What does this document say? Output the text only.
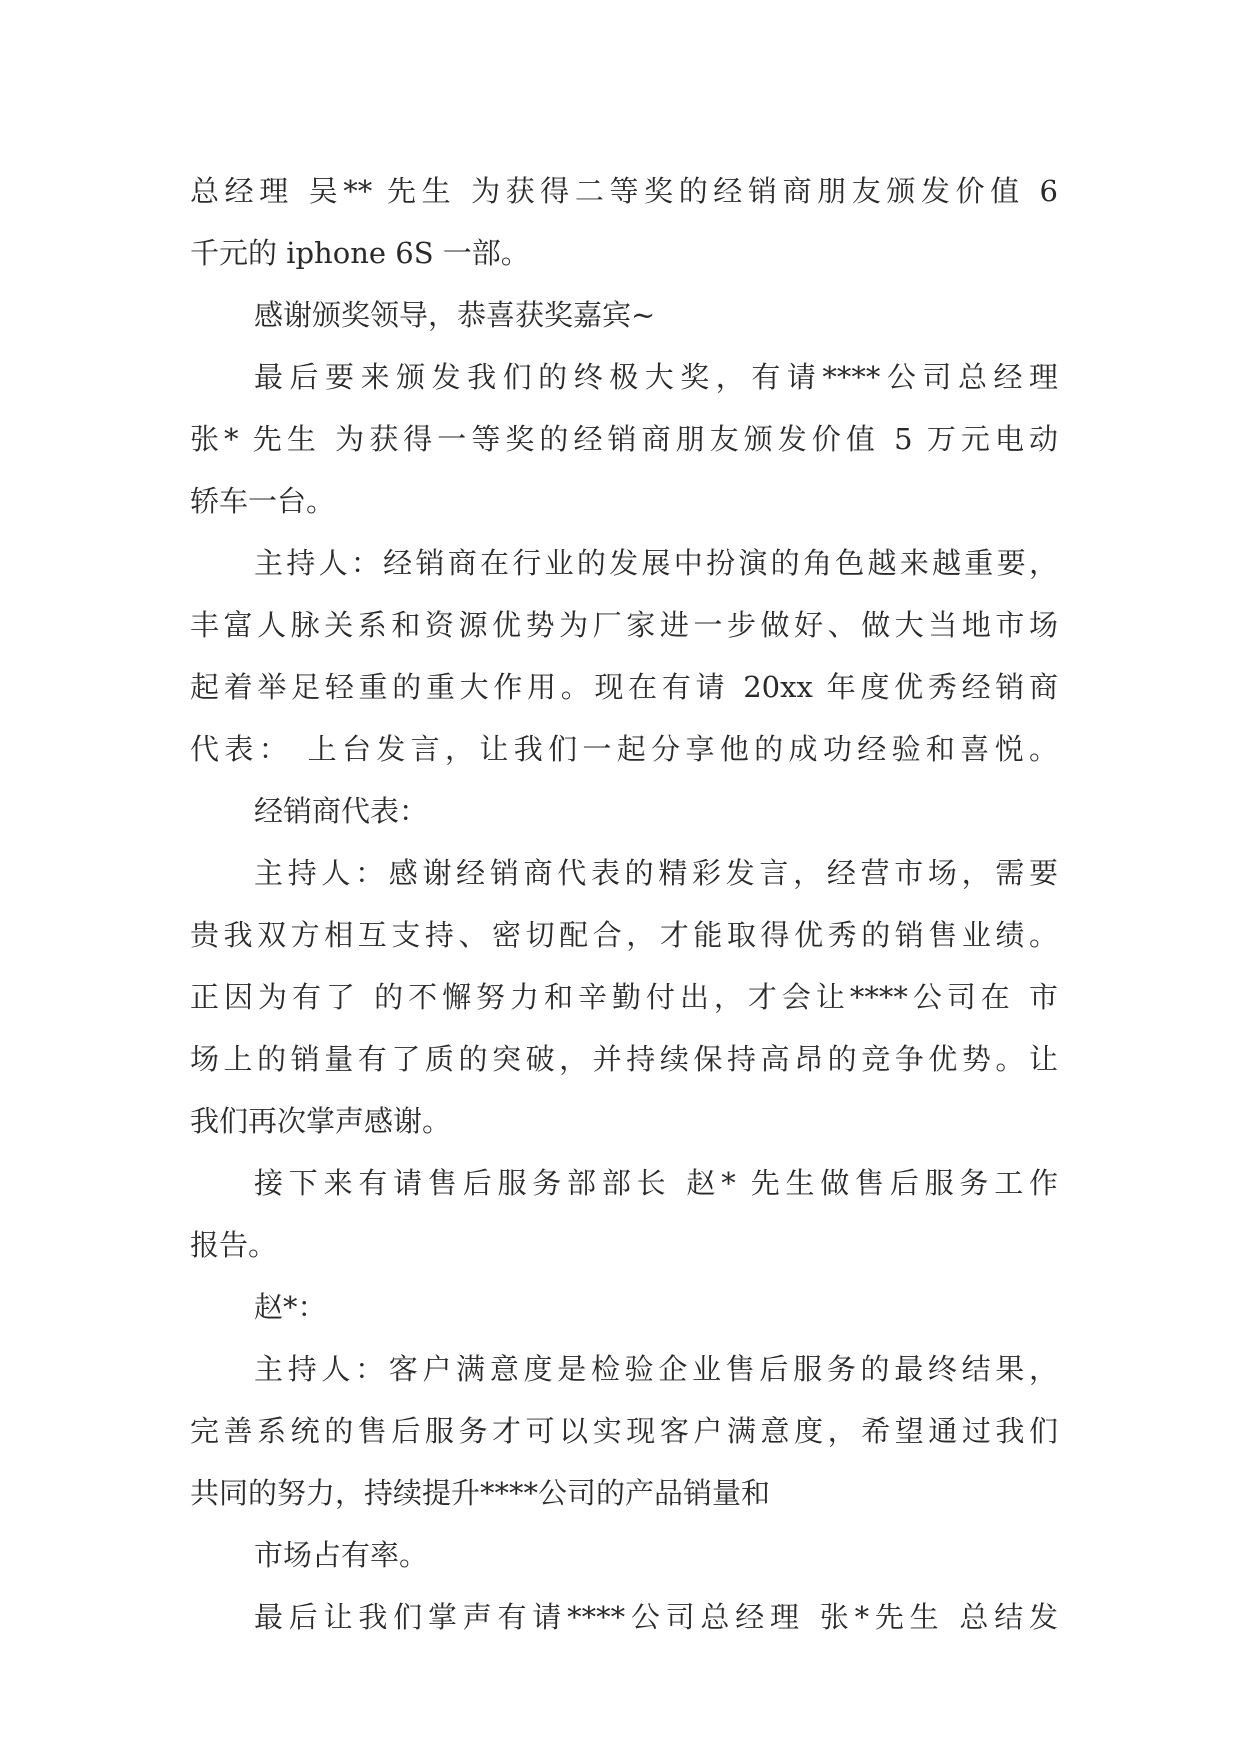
总经理 吴** 先生 为获得二等奖的经销商朋友颁发价值 6
千元的 iphone 6S 一部。
感谢颁奖领导，恭喜获奖嘉宾~
最后要来颁发我们的终极大奖，有请****公司总经理
张* 先生 为获得一等奖的经销商朋友颁发价值 5 万元电动
轿车一台。
主持人：经销商在行业的发展中扮演的角色越来越重要，
丰富人脉关系和资源优势为厂家进一步做好、做大当地市场
起着举足轻重的重大作用。现在有请 20xx 年度优秀经销商
代表： 上台发言，让我们一起分享他的成功经验和喜悦。
经销商代表：
主持人：感谢经销商代表的精彩发言，经营市场，需要
贵我双方相互支持、密切配合，才能取得优秀的销售业绩。
正因为有了 的不懈努力和辛勤付出，才会让****公司在 市
场上的销量有了质的突破，并持续保持高昂的竞争优势。让
我们再次掌声感谢。
接下来有请售后服务部部长 赵* 先生做售后服务工作
报告。
赵*：
主持人：客户满意度是检验企业售后服务的最终结果，
完善系统的售后服务才可以实现客户满意度，希望通过我们
共同的努力，持续提升****公司的产品销量和
市场占有率。
最后让我们掌声有请****公司总经理 张*先生 总结发
